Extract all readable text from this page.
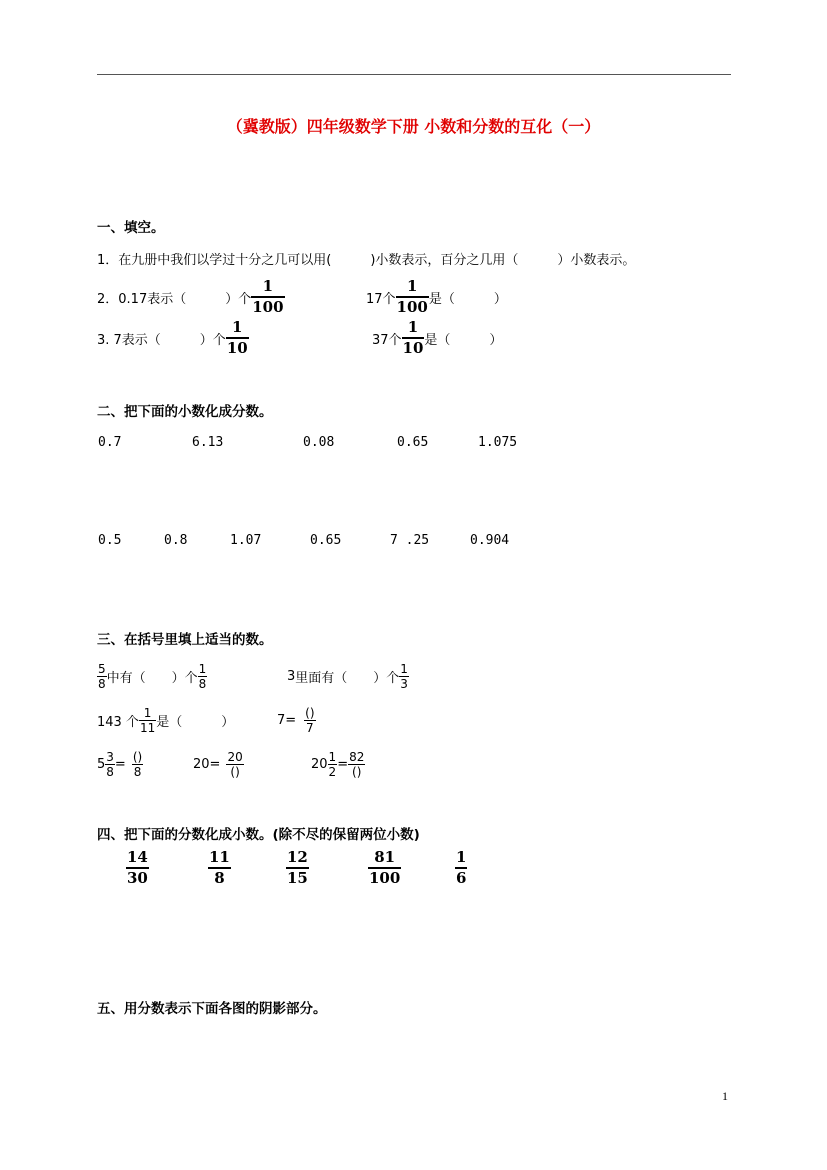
（冀教版）四年级数学下册 小数和分数的互化（一）
一、填空。
1．在九册中我们以学过十分之几可以用(　　　)小数表示，百分之几用（　　　）小数表示。
2．0.17表示（　　　）个 $\frac{1}{100}$	17个 $\frac{1}{100}$ 是（　　　）
3. 7表示（　　　）个 $\frac{1}{10}$	37个 $\frac{1}{10}$ 是（　　　）
二、把下面的小数化成分数。
0.7	6.13	0.08	0.65	1.075
0.5	0.8	1.07	0.65	7 .25	0.904
三、在括号里填上适当的数。
$\frac{5}{8}$ 中有（　　）个 $\frac{1}{8}$	3 里面有（　　）个 $\frac{1}{3}$
143 个 $\frac{1}{11}$ 是（　　　）	$7= \frac{()}{7}$
$5 \frac{3}{8} = \frac{()}{8}$	$20= \frac{20}{()}$	$20 \frac{1}{2} = \frac{82}{()}$
四、把下面的分数化成小数。(除不尽的保留两位小数)
$\frac{14}{30}$	$\frac{11}{8}$	$\frac{12}{15}$	$\frac{81}{100}$	$\frac{1}{6}$
五、用分数表示下面各图的阴影部分。
1
